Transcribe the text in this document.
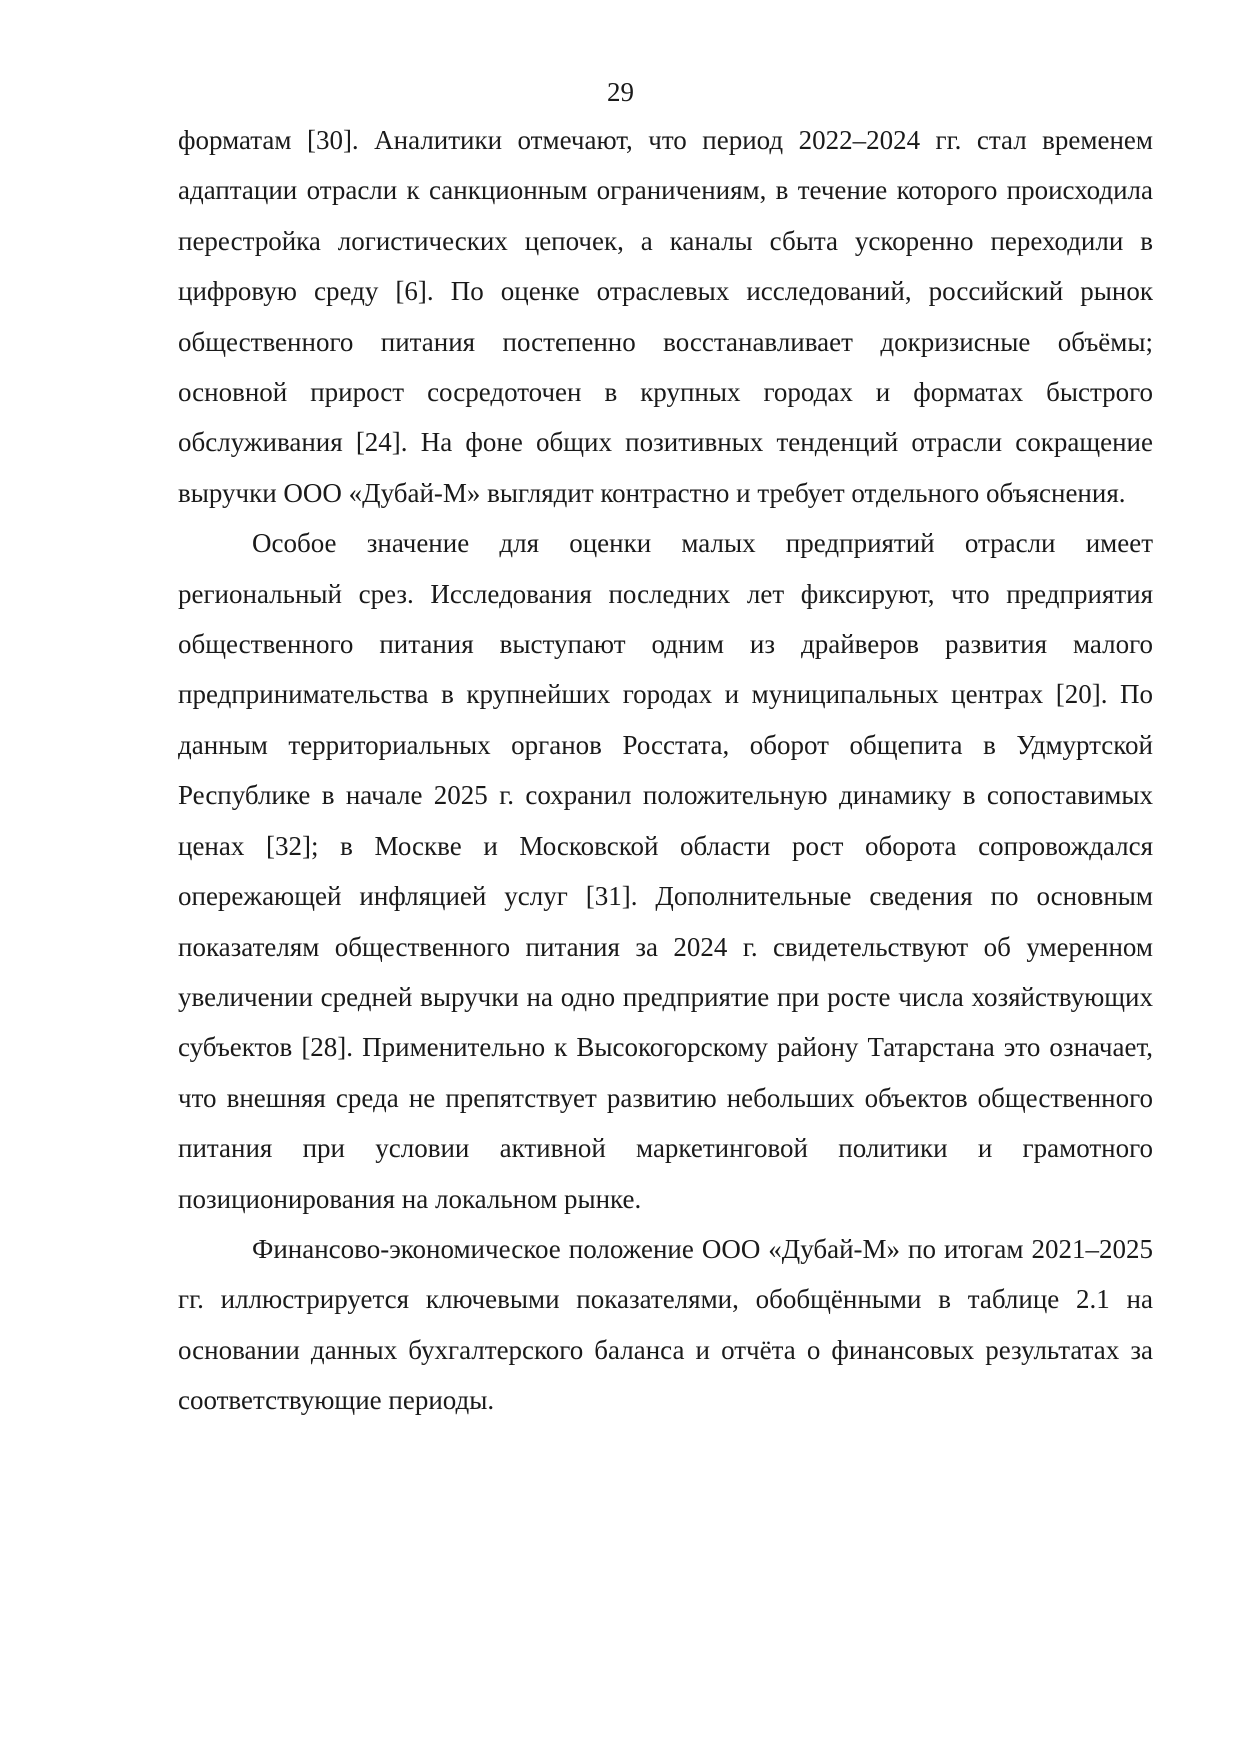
29

форматам [30]. Аналитики отмечают, что период 2022–2024 гг. стал временем адаптации отрасли к санкционным ограничениям, в течение которого происходила перестройка логистических цепочек, а каналы сбыта ускоренно переходили в цифровую среду [6]. По оценке отраслевых исследований, российский рынок общественного питания постепенно восстанавливает докризисные объёмы; основной прирост сосредоточен в крупных городах и форматах быстрого обслуживания [24]. На фоне общих позитивных тенденций отрасли сокращение выручки ООО «Дубай-М» выглядит контрастно и требует отдельного объяснения.

Особое значение для оценки малых предприятий отрасли имеет региональный срез. Исследования последних лет фиксируют, что предприятия общественного питания выступают одним из драйверов развития малого предпринимательства в крупнейших городах и муниципальных центрах [20]. По данным территориальных органов Росстата, оборот общепита в Удмуртской Республике в начале 2025 г. сохранил положительную динамику в сопоставимых ценах [32]; в Москве и Московской области рост оборота сопровождался опережающей инфляцией услуг [31]. Дополнительные сведения по основным показателям общественного питания за 2024 г. свидетельствуют об умеренном увеличении средней выручки на одно предприятие при росте числа хозяйствующих субъектов [28]. Применительно к Высокогорскому району Татарстана это означает, что внешняя среда не препятствует развитию небольших объектов общественного питания при условии активной маркетинговой политики и грамотного позиционирования на локальном рынке.

Финансово-экономическое положение ООО «Дубай-М» по итогам 2021–2025 гг. иллюстрируется ключевыми показателями, обобщёнными в таблице 2.1 на основании данных бухгалтерского баланса и отчёта о финансовых результатах за соответствующие периоды.
